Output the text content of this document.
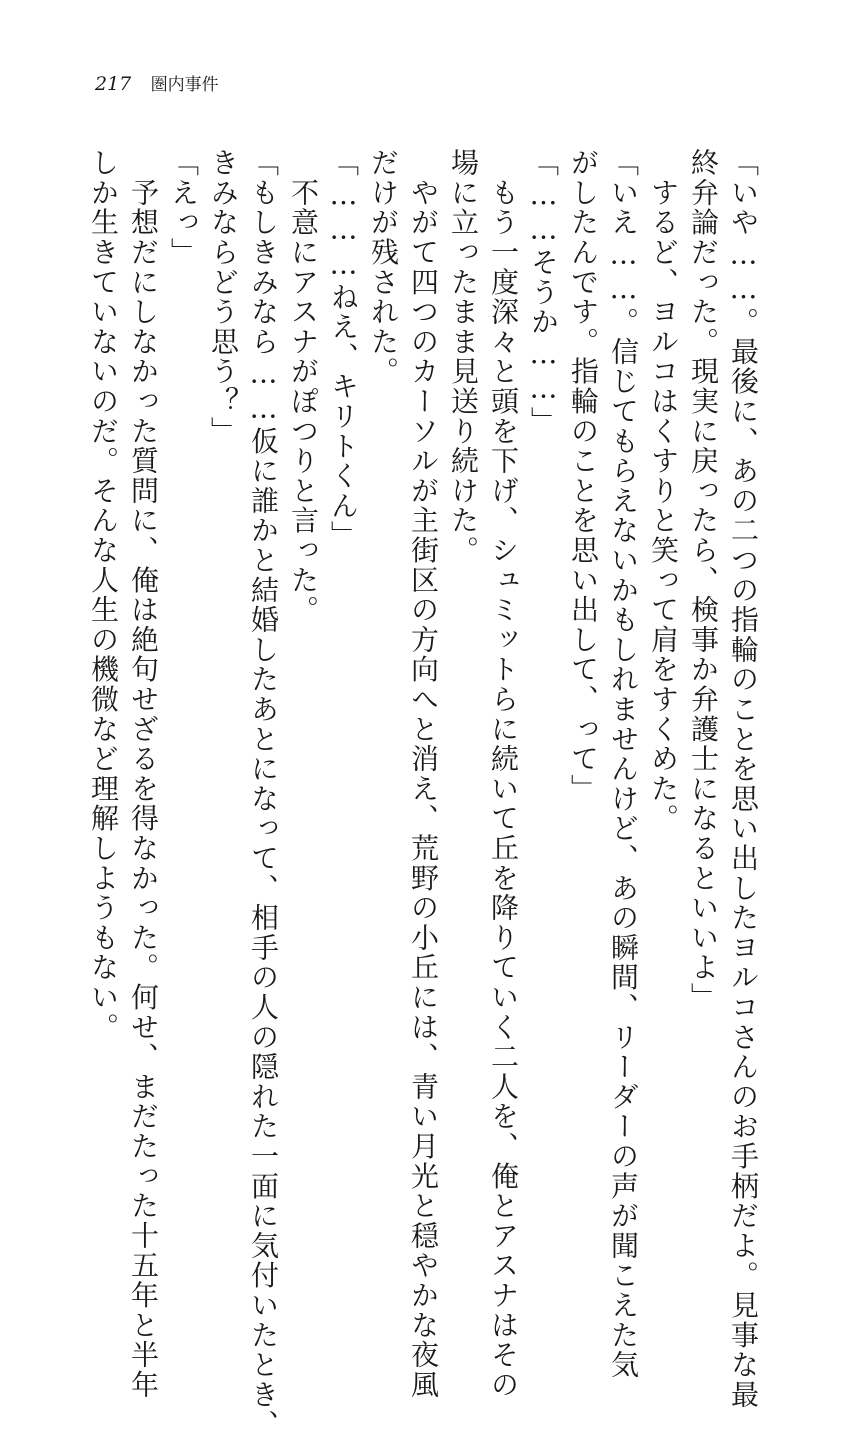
217 圏内事件
「いや……。最後に、あの二つの指輪のことを思い出したヨルコさんのお手柄だよ。見事な最
終弁論だった。現実に戻ったら、検事か弁護士になるといいよ」
　するど、ヨルコはくすりと笑って肩をすくめた。
「いえ……。信じてもらえないかもしれませんけど、あの瞬間、リーダーの声が聞こえた気
がしたんです。指輪のことを思い出して、って」
「……そうか……」
　もう一度深々と頭を下げ、シュミットらに続いて丘を降りていく二人を、俺とアスナはその
場に立ったまま見送り続けた。
　やがて四つのカーソルが主街区の方向へと消え、荒野の小丘には、青い月光と穏やかな夜風
だけが残された。
「………ねえ、キリトくん」
　不意にアスナがぽつりと言った。
「もしきみなら……仮に誰かと結婚したあとになって、相手の人の隠れた一面に気付いたとき、
きみならどう思う？」
「えっ」
　予想だにしなかった質問に、俺は絶句せざるを得なかった。何せ、まだたった十五年と半年
しか生きていないのだ。そんな人生の機微など理解しようもない。
